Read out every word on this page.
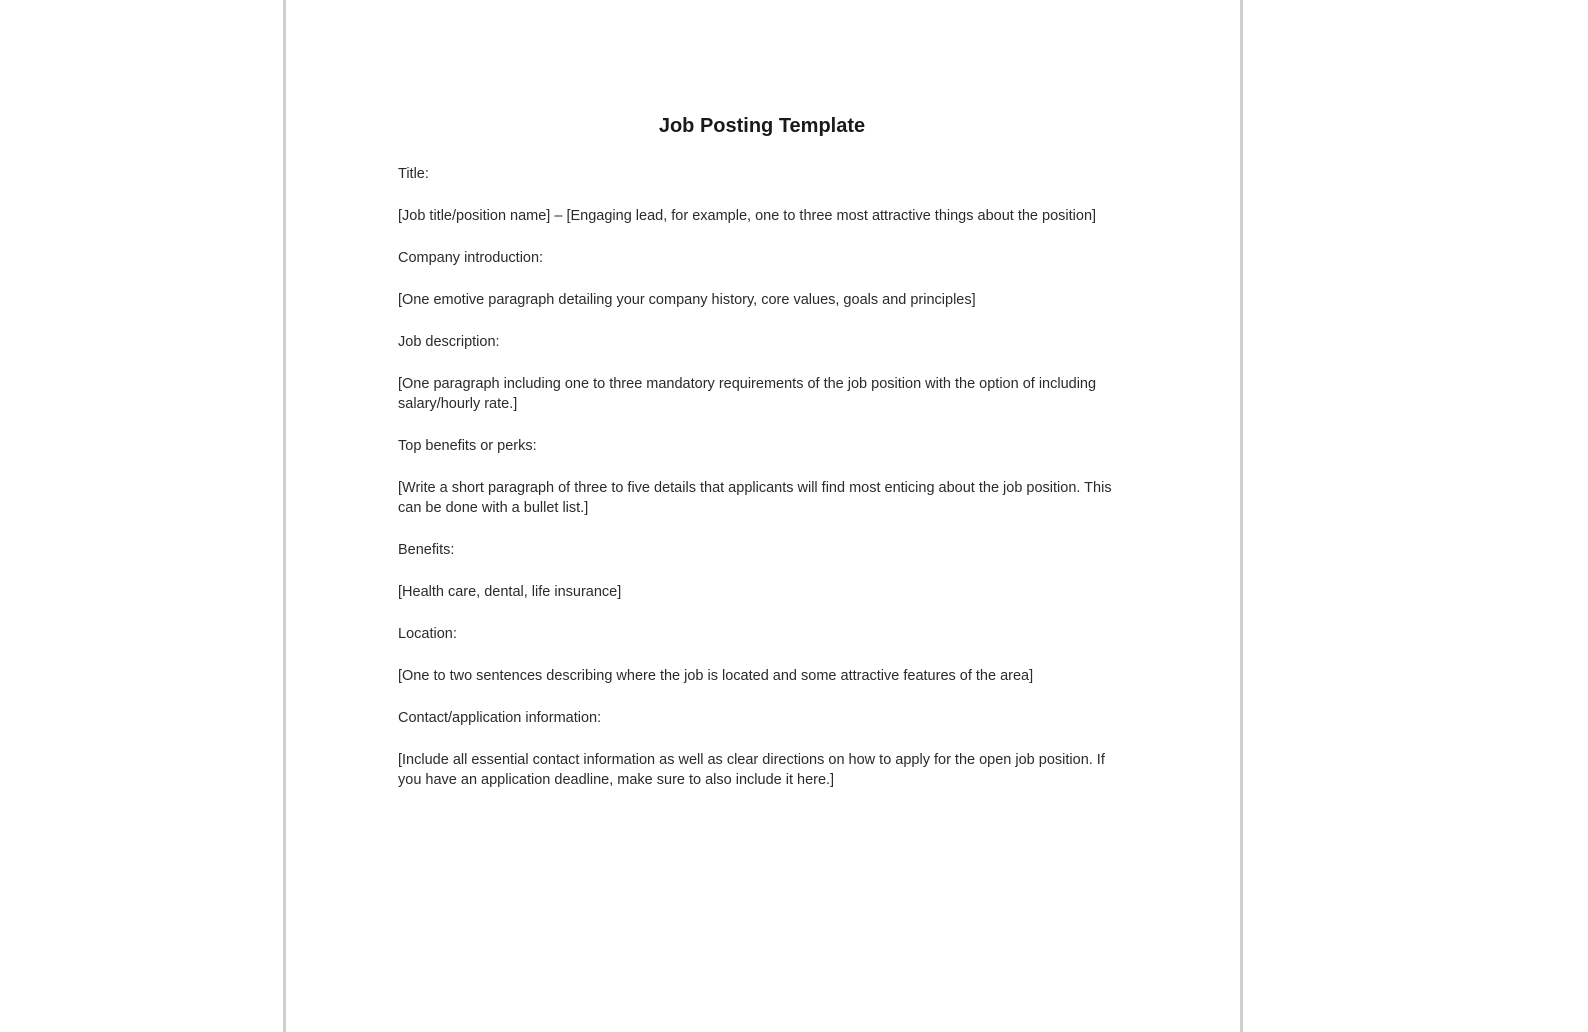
Job Posting Template
Title:
[Job title/position name] – [Engaging lead, for example, one to three most attractive things about the position]
Company introduction:
[One emotive paragraph detailing your company history, core values, goals and principles]
Job description:
[One paragraph including one to three mandatory requirements of the job position with the option of including salary/hourly rate.]
Top benefits or perks:
[Write a short paragraph of three to five details that applicants will find most enticing about the job position. This can be done with a bullet list.]
Benefits:
[Health care, dental, life insurance]
Location:
[One to two sentences describing where the job is located and some attractive features of the area]
Contact/application information:
[Include all essential contact information as well as clear directions on how to apply for the open job position. If you have an application deadline, make sure to also include it here.]
